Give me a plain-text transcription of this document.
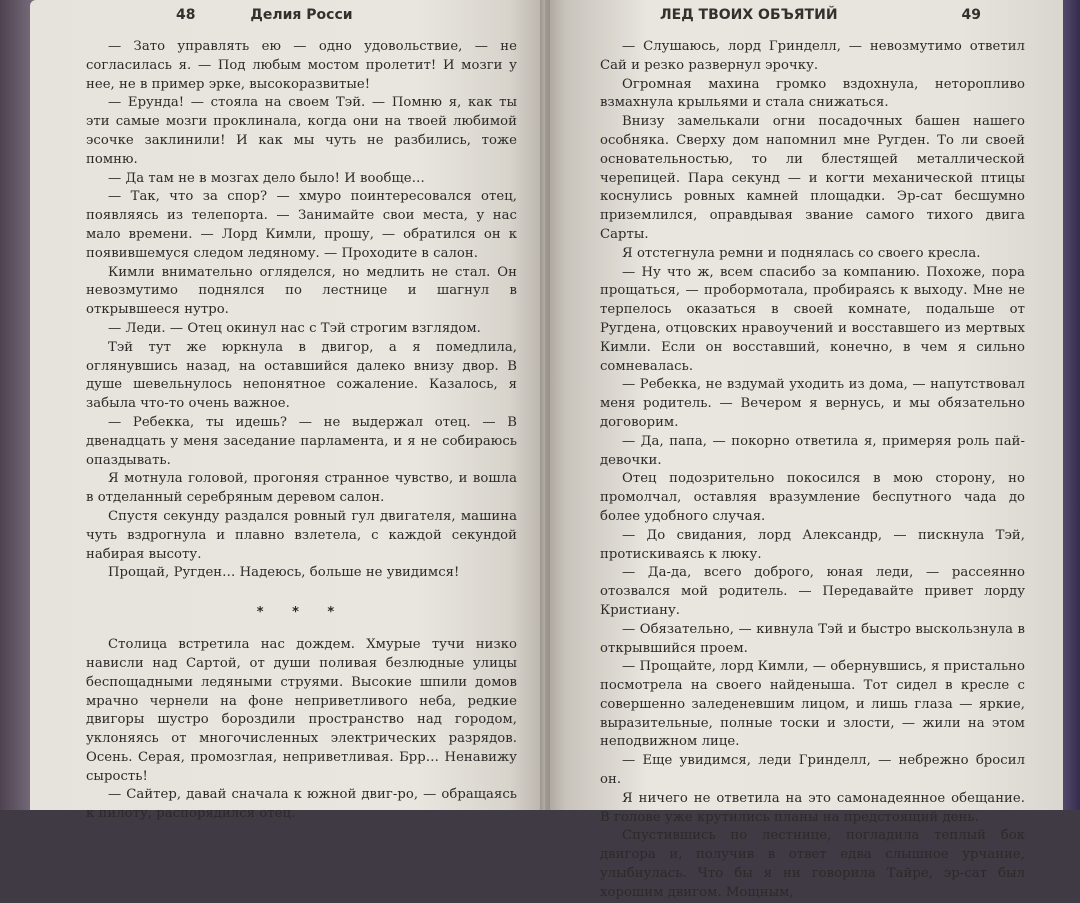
48	Делия Росси

— Зато управлять ею — одно удовольствие, — не согласилась я. — Под любым мостом пролетит! И мозги у нее, не в пример эрке, высокоразвитые!

— Ерунда! — стояла на своем Тэй. — Помню я, как ты эти самые мозги проклинала, когда они на твоей любимой эсочке заклинили! И как мы чуть не разбились, тоже помню.

— Да там не в мозгах дело было! И вообще…

— Так, что за спор? — хмуро поинтересовался отец, появляясь из телепорта. — Занимайте свои места, у нас мало времени. — Лорд Кимли, прошу, — обратился он к появившемуся следом ледяному. — Проходите в салон.

Кимли внимательно огляделся, но медлить не стал. Он невозмутимо поднялся по лестнице и шагнул в открывшееся нутро.

— Леди. — Отец окинул нас с Тэй строгим взглядом.

Тэй тут же юркнула в двигор, а я помедлила, оглянувшись назад, на оставшийся далеко внизу двор. В душе шевельнулось непонятное сожаление. Казалось, я забыла что-то очень важное.

— Ребекка, ты идешь? — не выдержал отец. — В двенадцать у меня заседание парламента, и я не собираюсь опаздывать.

Я мотнула головой, прогоняя странное чувство, и вошла в отделанный серебряным деревом салон.

Спустя секунду раздался ровный гул двигателя, машина чуть вздрогнула и плавно взлетела, с каждой секундой набирая высоту.

Прощай, Ругден… Надеюсь, больше не увидимся!

* * *

Столица встретила нас дождем. Хмурые тучи низко нависли над Сартой, от души поливая безлюдные улицы беспощадными ледяными струями. Высокие шпили домов мрачно чернели на фоне неприветливого неба, редкие двигоры шустро бороздили пространство над городом, уклоняясь от многочисленных электрических разрядов. Осень. Серая, промозглая, неприветливая. Брр… Ненавижу сырость!

— Сайтер, давай сначала к южной двиг-ро, — обращаясь к пилоту, распорядился отец.

ЛЕД ТВОИХ ОБЪЯТИЙ	49

— Слушаюсь, лорд Гринделл, — невозмутимо ответил Сай и резко развернул эрочку.

Огромная махина громко вздохнула, неторопливо взмахнула крыльями и стала снижаться.

Внизу замелькали огни посадочных башен нашего особняка. Сверху дом напомнил мне Ругден. То ли своей основательностью, то ли блестящей металлической черепицей. Пара секунд — и когти механической птицы коснулись ровных камней площадки. Эр-сат бесшумно приземлился, оправдывая звание самого тихого двига Сарты.

Я отстегнула ремни и поднялась со своего кресла.

— Ну что ж, всем спасибо за компанию. Похоже, пора прощаться, — пробормотала, пробираясь к выходу. Мне не терпелось оказаться в своей комнате, подальше от Ругдена, отцовских нравоучений и восставшего из мертвых Кимли. Если он восставший, конечно, в чем я сильно сомневалась.

— Ребекка, не вздумай уходить из дома, — напутствовал меня родитель. — Вечером я вернусь, и мы обязательно договорим.

— Да, папа, — покорно ответила я, примеряя роль пай-девочки.

Отец подозрительно покосился в мою сторону, но промолчал, оставляя вразумление беспутного чада до более удобного случая.

— До свидания, лорд Александр, — пискнула Тэй, протискиваясь к люку.

— Да-да, всего доброго, юная леди, — рассеянно отозвался мой родитель. — Передавайте привет лорду Кристиану.

— Обязательно, — кивнула Тэй и быстро выскользнула в открывшийся проем.

— Прощайте, лорд Кимли, — обернувшись, я пристально посмотрела на своего найденыша. Тот сидел в кресле с совершенно заледеневшим лицом, и лишь глаза — яркие, выразительные, полные тоски и злости, — жили на этом неподвижном лице.

— Еще увидимся, леди Гринделл, — небрежно бросил он.

Я ничего не ответила на это самонадеянное обещание. В голове уже крутились планы на предстоящий день.

Спустившись по лестнице, погладила теплый бок двигора и, получив в ответ едва слышное урчание, улыбнулась. Что бы я ни говорила Тайре, эр-сат был хорошим двигом. Мощным,
